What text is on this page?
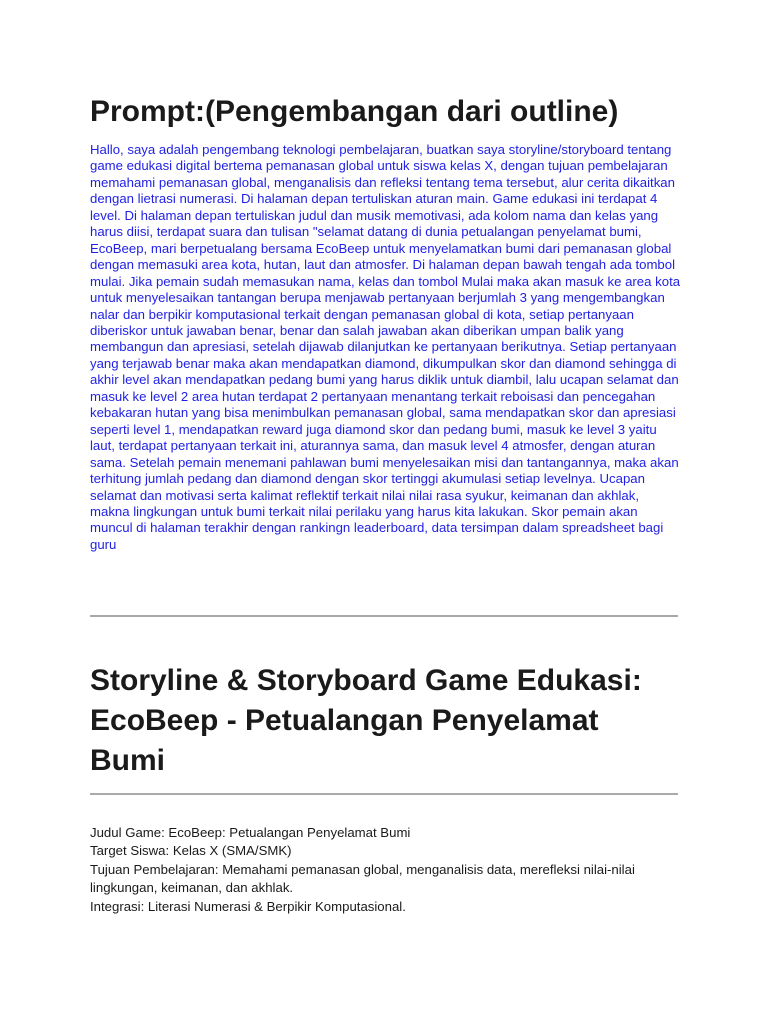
Prompt:(Pengembangan dari outline)

Hallo, saya adalah pengembang teknologi pembelajaran, buatkan saya storyline/storyboard tentang game edukasi digital bertema pemanasan global untuk siswa kelas X, dengan tujuan pembelajaran memahami pemanasan global, menganalisis dan refleksi tentang tema tersebut, alur cerita dikaitkan dengan lietrasi numerasi. Di halaman depan tertuliskan aturan main. Game edukasi ini terdapat 4 level. Di halaman depan tertuliskan judul dan musik memotivasi, ada kolom nama dan kelas yang harus diisi, terdapat suara dan tulisan "selamat datang di dunia petualangan penyelamat bumi, EcoBeep, mari berpetualang bersama EcoBeep untuk menyelamatkan bumi dari pemanasan global dengan memasuki area kota, hutan, laut dan atmosfer. Di halaman depan bawah tengah ada tombol mulai. Jika pemain sudah memasukan nama, kelas dan tombol Mulai maka akan masuk ke area kota untuk menyelesaikan tantangan berupa menjawab pertanyaan berjumlah 3 yang mengembangkan nalar dan berpikir komputasional terkait dengan pemanasan global di kota, setiap pertanyaan diberiskor untuk jawaban benar, benar dan salah jawaban akan diberikan umpan balik yang membangun dan apresiasi, setelah dijawab dilanjutkan ke pertanyaan berikutnya. Setiap pertanyaan yang terjawab benar maka akan mendapatkan diamond, dikumpulkan skor dan diamond sehingga di akhir level akan mendapatkan pedang bumi yang harus diklik untuk diambil, lalu ucapan selamat dan masuk ke level 2 area hutan terdapat 2 pertanyaan menantang terkait reboisasi dan pencegahan kebakaran hutan yang bisa menimbulkan pemanasan global, sama mendapatkan skor dan apresiasi seperti level 1, mendapatkan reward juga diamond skor dan pedang bumi, masuk ke level 3 yaitu laut, terdapat pertanyaan terkait ini, aturannya sama, dan masuk level 4 atmosfer, dengan aturan sama. Setelah pemain menemani pahlawan bumi menyelesaikan misi dan tantangannya, maka akan terhitung jumlah pedang dan diamond dengan skor tertinggi akumulasi setiap levelnya. Ucapan selamat dan motivasi serta kalimat reflektif terkait nilai nilai rasa syukur, keimanan dan akhlak, makna lingkungan untuk bumi terkait nilai perilaku yang harus kita lakukan. Skor pemain akan muncul di halaman terakhir dengan rankingn leaderboard, data tersimpan dalam spreadsheet bagi guru

Storyline & Storyboard Game Edukasi: EcoBeep - Petualangan Penyelamat Bumi

Judul Game: EcoBeep: Petualangan Penyelamat Bumi

Target Siswa: Kelas X (SMA/SMK)

Tujuan Pembelajaran: Memahami pemanasan global, menganalisis data, merefleksi nilai-nilai lingkungan, keimanan, dan akhlak.

Integrasi: Literasi Numerasi & Berpikir Komputasional.
